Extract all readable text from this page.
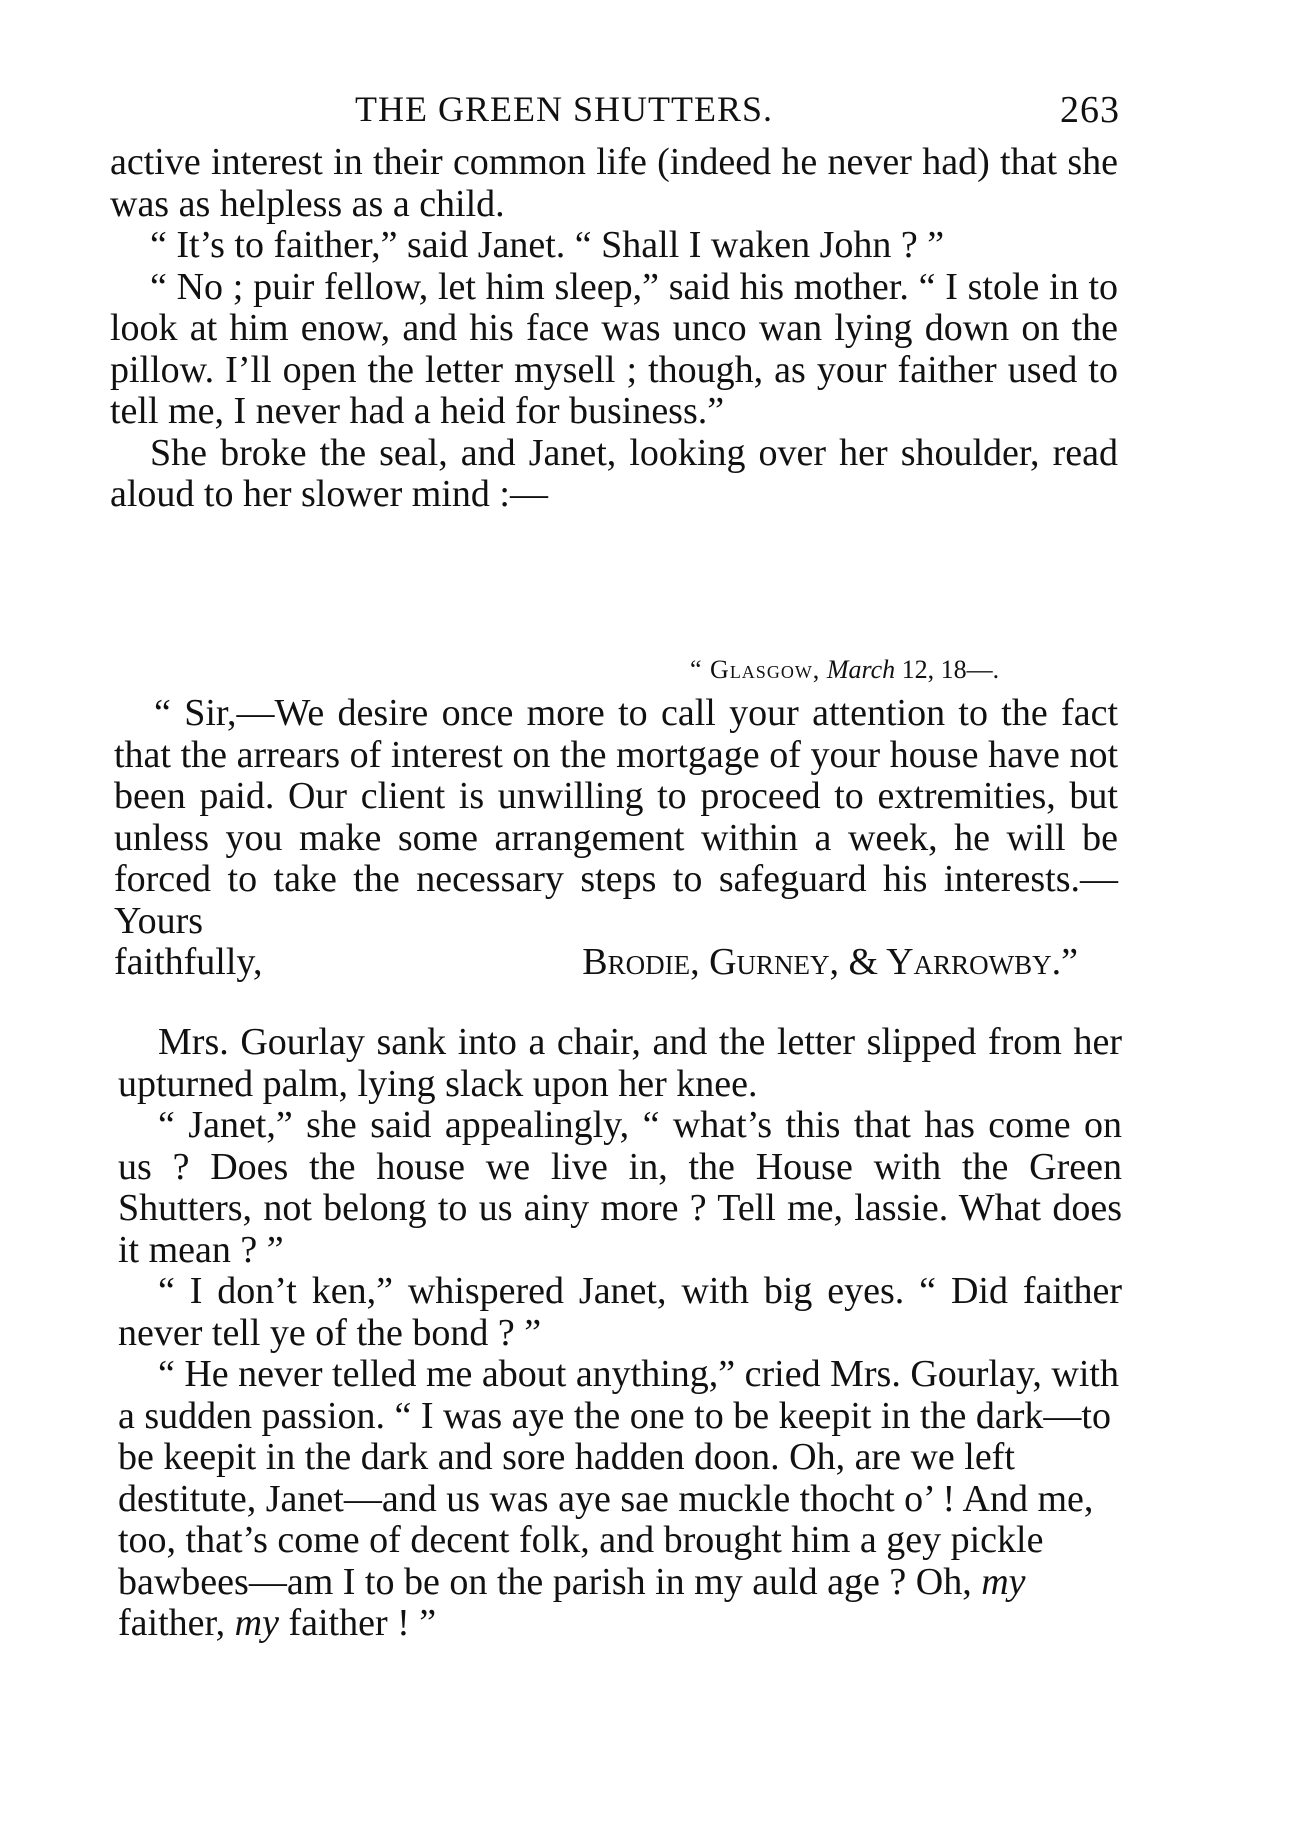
THE GREEN SHUTTERS.	263

active interest in their common life (indeed he never had) that she was as helpless as a child.

“ It’s to faither,” said Janet. “ Shall I waken John ? ”

“ No ; puir fellow, let him sleep,” said his mother. “ I stole in to look at him enow, and his face was unco wan lying down on the pillow. I’ll open the letter mysell ; though, as your faither used to tell me, I never had a heid for business.”

She broke the seal, and Janet, looking over her shoulder, read aloud to her slower mind :—

“ Glasgow, March 12, 18—.

“ Sir,—We desire once more to call your attention to the fact that the arrears of interest on the mortgage of your house have not been paid. Our client is unwilling to proceed to extremities, but unless you make some arrangement within a week, he will be forced to take the necessary steps to safeguard his interests.—Yours

faithfully,	Brodie, Gurney, & Yarrowby.”

Mrs. Gourlay sank into a chair, and the letter slipped from her upturned palm, lying slack upon her knee.

“ Janet,” she said appealingly, “ what’s this that has come on us ? Does the house we live in, the House with the Green Shutters, not belong to us ainy more ? Tell me, lassie. What does it mean ? ”

“ I don’t ken,” whispered Janet, with big eyes. “ Did faither never tell ye of the bond ? ”

“ He never telled me about anything,” cried Mrs. Gourlay, with a sudden passion. “ I was aye the one to be keepit in the dark—to be keepit in the dark and sore hadden doon. Oh, are we left destitute, Janet—and us was aye sae muckle thocht o’ ! And me, too, that’s come of decent folk, and brought him a gey pickle bawbees—am I to be on the parish in my auld age ? Oh, my faither, my faither ! ”
